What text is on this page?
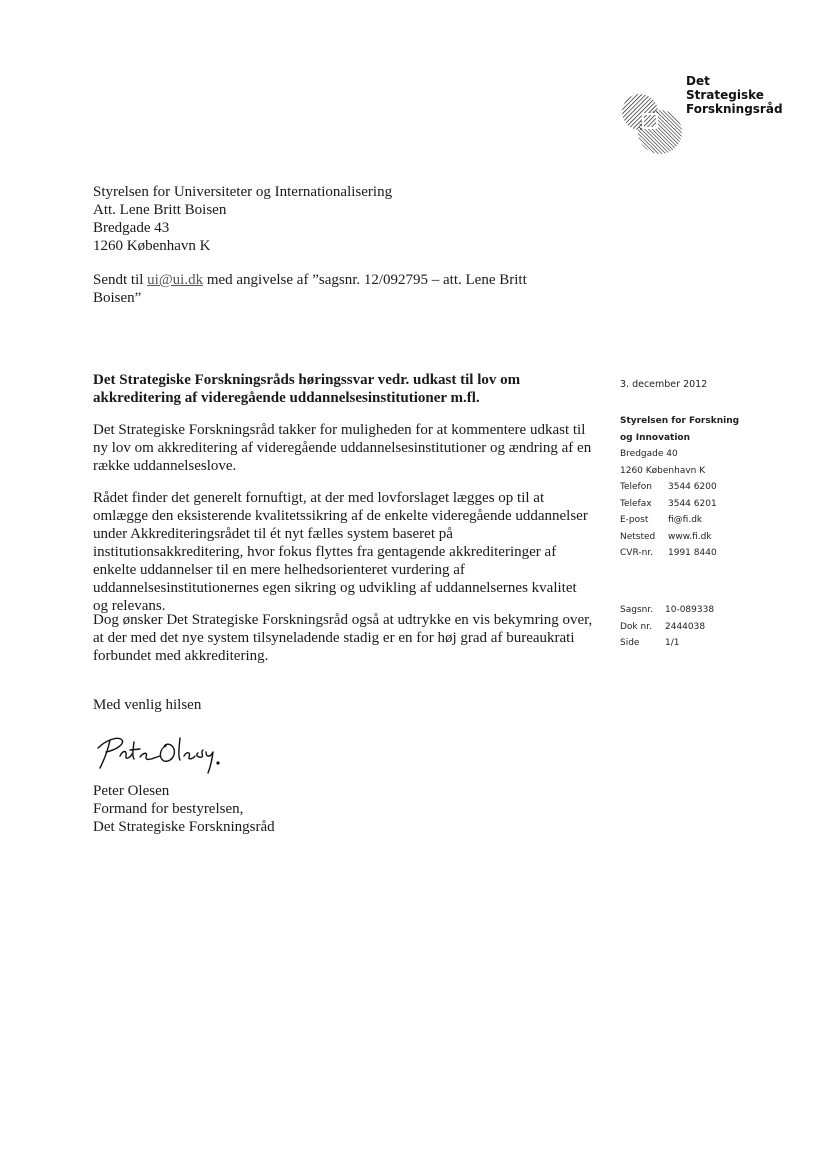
Det
Strategiske
Forskningsråd
Styrelsen for Universiteter og Internationalisering
Att. Lene Britt Boisen
Bredgade 43
1260 København K
Sendt til ui@ui.dk med angivelse af ”sagsnr. 12/092795 – att. Lene Britt Boisen”
Det Strategiske Forskningsråds høringssvar vedr. udkast til lov om akkreditering af videregående uddannelsesinstitutioner m.fl.
Det Strategiske Forskningsråd takker for muligheden for at kommentere udkast til ny lov om akkreditering af videregående uddannelsesinstitutioner og ændring af en række uddannelseslove.
Rådet finder det generelt fornuftigt, at der med lovforslaget lægges op til at omlægge den eksisterende kvalitetssikring af de enkelte videregående uddannelser under Akkrediteringsrådet til ét nyt fælles system baseret på institutionsakkreditering, hvor fokus flyttes fra gentagende akkrediteringer af enkelte uddannelser til en mere helhedsorienteret vurdering af uddannelsesinstitutionernes egen sikring og udvikling af uddannelsernes kvalitet og relevans.
Dog ønsker Det Strategiske Forskningsråd også at udtrykke en vis bekymring over, at der med det nye system tilsyneladende stadig er en for høj grad af bureaukrati forbundet med akkreditering.
Med venlig hilsen
Peter Olesen
Formand for bestyrelsen,
Det Strategiske Forskningsråd
3. december 2012
Styrelsen for Forskning
og Innovation
Bredgade 40
1260 København K
Telefon	3544 6200
Telefax	3544 6201
E-post	fi@fi.dk
Netsted	www.fi.dk
CVR-nr.	1991 8440
Sagsnr.	10-089338
Dok nr.	2444038
Side	1/1
